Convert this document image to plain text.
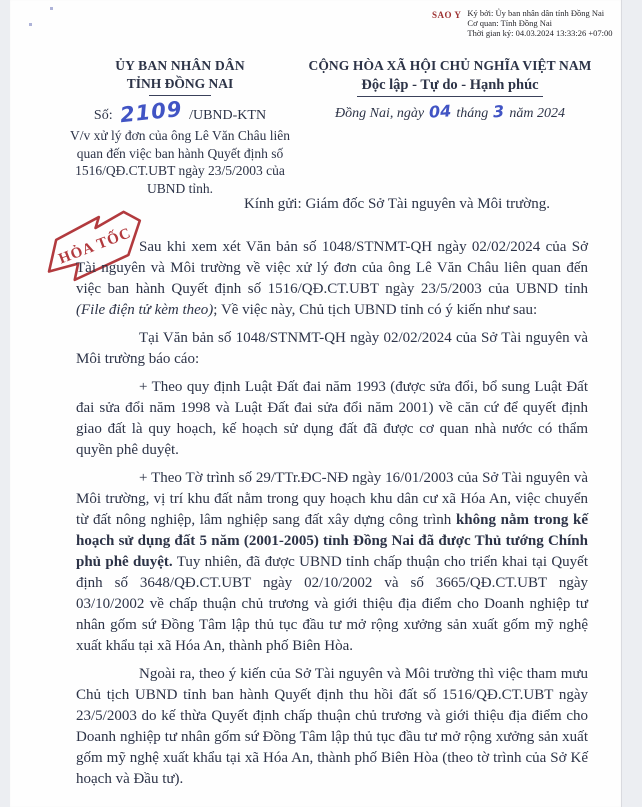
SAO Y Ký bởi: Ủy ban nhân dân tỉnh Đồng Nai
Cơ quan: Tỉnh Đồng Nai
Thời gian ký: 04.03.2024 13:33:26 +07:00
ỦY BAN NHÂN DÂN
TỈNH ĐỒNG NAI
Số: 2109 /UBND-KTN
V/v xử lý đơn của ông Lê Văn Châu liên quan đến việc ban hành Quyết định số 1516/QĐ.CT.UBT ngày 23/5/2003 của UBND tỉnh.
CỘNG HÒA XÃ HỘI CHỦ NGHĨA VIỆT NAM
Độc lập - Tự do - Hạnh phúc
Đồng Nai, ngày 04 tháng 3 năm 2024
Kính gửi: Giám đốc Sở Tài nguyên và Môi trường.
HỎA TỐC Sau khi xem xét Văn bản số 1048/STNMT-QH ngày 02/02/2024 của Sở Tài nguyên và Môi trường về việc xử lý đơn của ông Lê Văn Châu liên quan đến việc ban hành Quyết định số 1516/QĐ.CT.UBT ngày 23/5/2003 của UBND tỉnh (File điện tử kèm theo); Về việc này, Chủ tịch UBND tỉnh có ý kiến như sau:

Tại Văn bản số 1048/STNMT-QH ngày 02/02/2024 của Sở Tài nguyên và Môi trường báo cáo:

+ Theo quy định Luật Đất đai năm 1993 (được sửa đổi, bổ sung Luật Đất đai sửa đổi năm 1998 và Luật Đất đai sửa đổi năm 2001) về căn cứ để quyết định giao đất là quy hoạch, kế hoạch sử dụng đất đã được cơ quan nhà nước có thẩm quyền phê duyệt.

+ Theo Tờ trình số 29/TTr.ĐC-NĐ ngày 16/01/2003 của Sở Tài nguyên và Môi trường, vị trí khu đất nằm trong quy hoạch khu dân cư xã Hóa An, việc chuyển từ đất nông nghiệp, lâm nghiệp sang đất xây dựng công trình không nằm trong kế hoạch sử dụng đất 5 năm (2001-2005) tỉnh Đồng Nai đã được Thủ tướng Chính phủ phê duyệt. Tuy nhiên, đã được UBND tỉnh chấp thuận cho triển khai tại Quyết định số 3648/QĐ.CT.UBT ngày 02/10/2002 và số 3665/QĐ.CT.UBT ngày 03/10/2002 về chấp thuận chủ trương và giới thiệu địa điểm cho Doanh nghiệp tư nhân gốm sứ Đồng Tâm lập thủ tục đầu tư mở rộng xưởng sản xuất gốm mỹ nghệ xuất khẩu tại xã Hóa An, thành phố Biên Hòa.

Ngoài ra, theo ý kiến của Sở Tài nguyên và Môi trường thì việc tham mưu Chủ tịch UBND tỉnh ban hành Quyết định thu hồi đất số 1516/QĐ.CT.UBT ngày 23/5/2003 do kế thừa Quyết định chấp thuận chủ trương và giới thiệu địa điểm cho Doanh nghiệp tư nhân gốm sứ Đồng Tâm lập thủ tục đầu tư mở rộng xưởng sản xuất gốm mỹ nghệ xuất khẩu tại xã Hóa An, thành phố Biên Hòa (theo tờ trình của Sở Kế hoạch và Đầu tư).
